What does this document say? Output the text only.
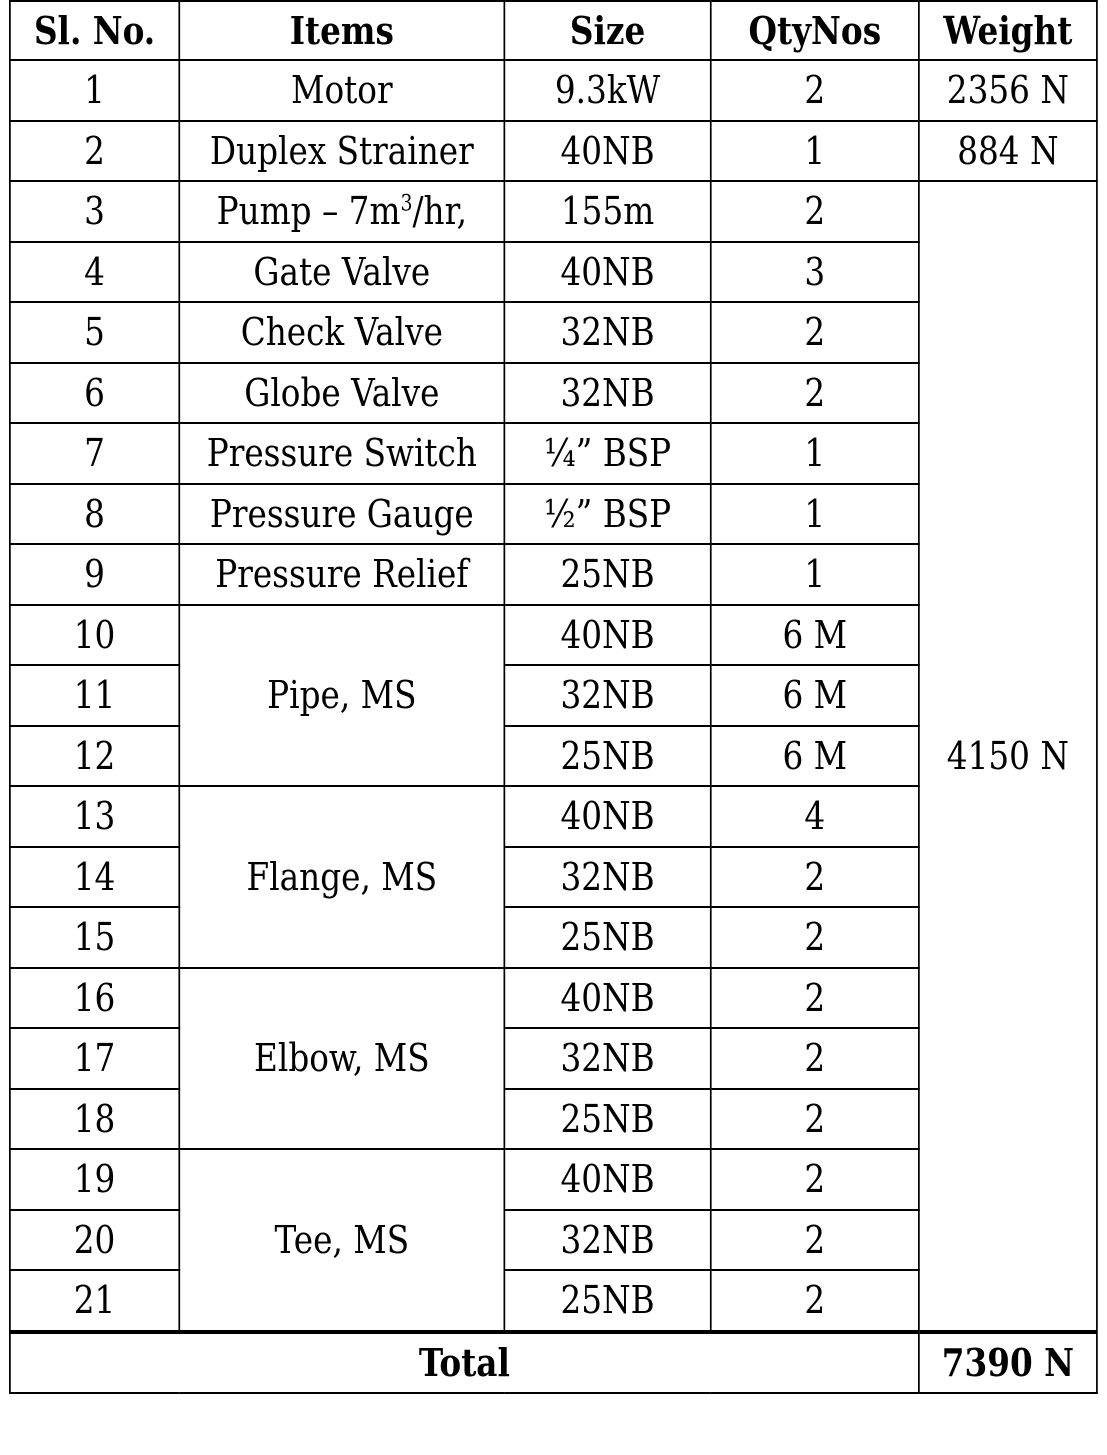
Sl. No.	Items	Size	QtyNos	Weight
1	Motor	9.3kW	2	2356 N
2	Duplex Strainer	40NB	1	884 N
3	Pump – $7m^3/hr$,	155m	2	4150 N
4	Gate Valve	40NB	3	
5	Check Valve	32NB	2	
6	Globe Valve	32NB	2	
7	Pressure Switch	¼” BSP	1	
8	Pressure Gauge	½” BSP	1	
9	Pressure Relief	25NB	1	
10	Pipe, MS	40NB	6 M	
11		32NB	6 M	
12		25NB	6 M	
13	Flange, MS	40NB	4	
14		32NB	2	
15		25NB	2	
16	Elbow, MS	40NB	2	
17		32NB	2	
18		25NB	2	
19	Tee, MS	40NB	2	
20		32NB	2	
21		25NB	2	
Total				7390 N
